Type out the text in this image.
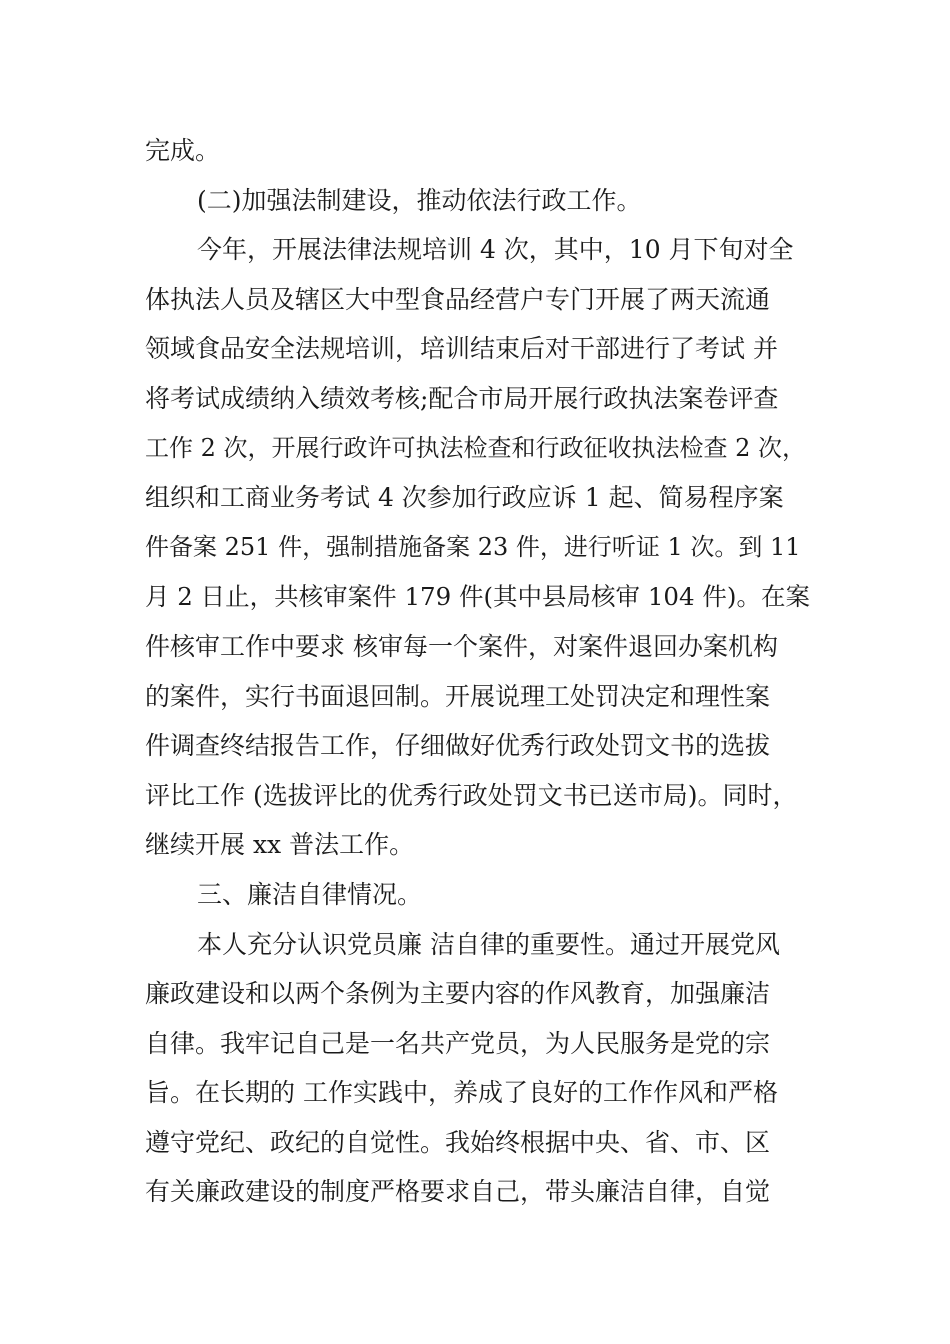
完成。
(二)加强法制建设，推动依法行政工作。
今年，开展法律法规培训 4 次，其中，10 月下旬对全
体执法人员及辖区大中型食品经营户专门开展了两天流通
领域食品安全法规培训，培训结束后对干部进行了考试 并
将考试成绩纳入绩效考核;配合市局开展行政执法案卷评查
工作 2 次，开展行政许可执法检查和行政征收执法检查 2 次，
组织和工商业务考试 4 次参加行政应诉 1 起、简易程序案
件备案 251 件，强制措施备案 23 件，进行听证 1 次。到 11
月 2 日止，共核审案件 179 件(其中县局核审 104 件)。在案
件核审工作中要求 核审每一个案件，对案件退回办案机构
的案件，实行书面退回制。开展说理工处罚决定和理性案
件调查终结报告工作，仔细做好优秀行政处罚文书的选拔
评比工作 (选拔评比的优秀行政处罚文书已送市局)。同时，
继续开展 xx 普法工作。
三、廉洁自律情况。
本人充分认识党员廉 洁自律的重要性。通过开展党风
廉政建设和以两个条例为主要内容的作风教育，加强廉洁
自律。我牢记自己是一名共产党员，为人民服务是党的宗
旨。在长期的 工作实践中，养成了良好的工作作风和严格
遵守党纪、政纪的自觉性。我始终根据中央、省、市、区
有关廉政建设的制度严格要求自己，带头廉洁自律，自觉
